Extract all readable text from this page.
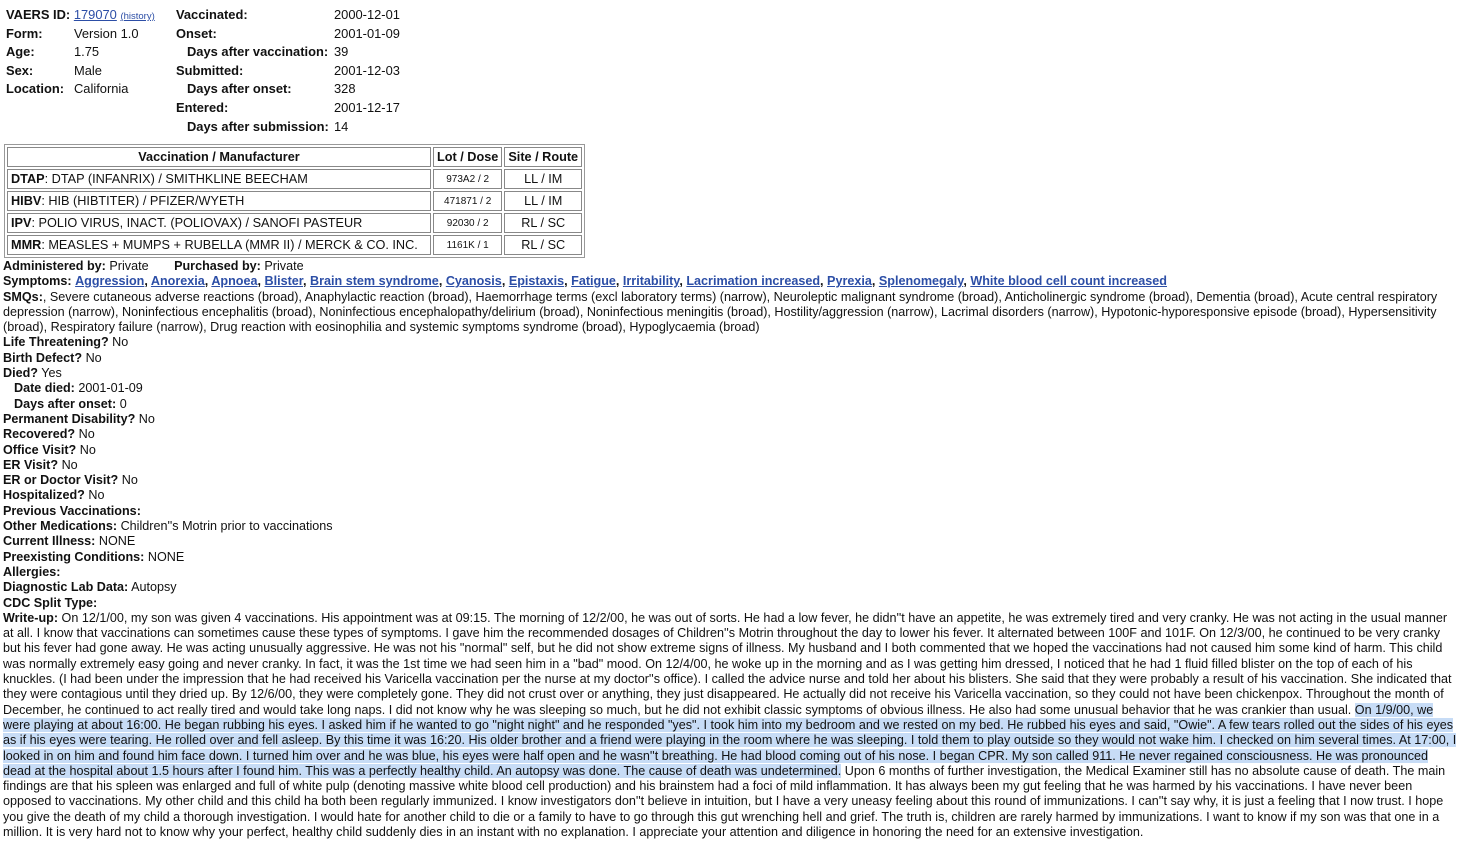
VAERS ID: 179070 (history) Vaccinated:	2000-12-01
Form: Version 1.0	Onset:	2001-01-09
Age:	1.75	Days after vaccination: 39
Sex:	Male	Submitted:	2001-12-03
Location: California	Days after onset:	328
Entered:	2001-12-17
Days after submission: 14
Vaccination / Manufacturer	Lot / Dose	Site / Route
DTAP: DTAP (INFANRIX) / SMITHKLINE BEECHAM	973A2 / 2	LL / IM
HIBV: HIB (HIBTITER) / PFIZER/WYETH	471871 / 2	LL / IM
IPV: POLIO VIRUS, INACT. (POLIOVAX) / SANOFI PASTEUR	92030 / 2	RL / SC
MMR: MEASLES + MUMPS + RUBELLA (MMR II) / MERCK & CO. INC.	1161K / 1	RL / SC
Administered by: Private Purchased by: Private
Symptoms: Aggression, Anorexia, Apnoea, Blister, Brain stem syndrome, Cyanosis, Epistaxis, Fatigue, Irritability, Lacrimation increased, Pyrexia, Splenomegaly, White blood cell count increased
SMQs:, Severe cutaneous adverse reactions (broad), Anaphylactic reaction (broad), Haemorrhage terms (excl laboratory terms) (narrow), Neuroleptic malignant syndrome (broad), Anticholinergic syndrome (broad), Dementia (broad), Acute central respiratory depression (narrow), Noninfectious encephalitis (broad), Noninfectious encephalopathy/delirium (broad), Noninfectious meningitis (broad), Hostility/aggression (narrow), Lacrimal disorders (narrow), Hypotonic-hyporesponsive episode (broad), Hypersensitivity (broad), Respiratory failure (narrow), Drug reaction with eosinophilia and systemic symptoms syndrome (broad), Hypoglycaemia (broad)
Life Threatening? No
Birth Defect? No
Died? Yes
Date died: 2001-01-09
Days after onset: 0
Permanent Disability? No
Recovered? No
Office Visit? No
ER Visit? No
ER or Doctor Visit? No
Hospitalized? No
Previous Vaccinations:
Other Medications: Children''s Motrin prior to vaccinations
Current Illness: NONE
Preexisting Conditions: NONE
Allergies:
Diagnostic Lab Data: Autopsy
CDC Split Type:
Write-up: On 12/1/00, my son was given 4 vaccinations. His appointment was at 09:15. The morning of 12/2/00, he was out of sorts. He had a low fever, he didn''t have an appetite, he was extremely tired and very cranky. He was not acting in the usual manner at all. I know that vaccinations can sometimes cause these types of symptoms. I gave him the recommended dosages of Children''s Motrin throughout the day to lower his fever. It alternated between 100F and 101F. On 12/3/00, he continued to be very cranky but his fever had gone away. He was acting unusually aggressive. He was not his "normal" self, but he did not show extreme signs of illness. My husband and I both commented that we hoped the vaccinations had not caused him some kind of harm. This child was normally extremely easy going and never cranky. In fact, it was the 1st time we had seen him in a "bad" mood. On 12/4/00, he woke up in the morning and as I was getting him dressed, I noticed that he had 1 fluid filled blister on the top of each of his knuckles. (I had been under the impression that he had received his Varicella vaccination per the nurse at my doctor''s office). I called the advice nurse and told her about his blisters. She said that they were probably a result of his vaccination. She indicated that they were contagious until they dried up. By 12/6/00, they were completely gone. They did not crust over or anything, they just disappeared. He actually did not receive his Varicella vaccination, so they could not have been chickenpox. Throughout the month of December, he continued to act really tired and would take long naps. I did not know why he was sleeping so much, but he did not exhibit classic symptoms of obvious illness. He also had some unusual behavior that he was crankier than usual. On 1/9/00, we were playing at about 16:00. He began rubbing his eyes. I asked him if he wanted to go "night night" and he responded "yes". I took him into my bedroom and we rested on my bed. He rubbed his eyes and said, "Owie". A few tears rolled out the sides of his eyes as if his eyes were tearing. He rolled over and fell asleep. By this time it was 16:20. His older brother and a friend were playing in the room where he was sleeping. I told them to play outside so they would not wake him. I checked on him several times. At 17:00, I looked in on him and found him face down. I turned him over and he was blue, his eyes were half open and he wasn''t breathing. He had blood coming out of his nose. I began CPR. My son called 911. He never regained consciousness. He was pronounced dead at the hospital about 1.5 hours after I found him. This was a perfectly healthy child. An autopsy was done. The cause of death was undetermined. Upon 6 months of further investigation, the Medical Examiner still has no absolute cause of death. The main findings are that his spleen was enlarged and full of white pulp (denoting massive white blood cell production) and his brainstem had a foci of mild inflammation. It has always been my gut feeling that he was harmed by his vaccinations. I have never been opposed to vaccinations. My other child and this child ha both been regularly immunized. I know investigators don''t believe in intuition, but I have a very uneasy feeling about this round of immunizations. I can''t say why, it is just a feeling that I now trust. I hope you give the death of my child a thorough investigation. I would hate for another child to die or a family to have to go through this gut wrenching hell and grief. The truth is, children are rarely harmed by immunizations. I want to know if my son was that one in a million. It is very hard not to know why your perfect, healthy child suddenly dies in an instant with no explanation. I appreciate your attention and diligence in honoring the need for an extensive investigation.
